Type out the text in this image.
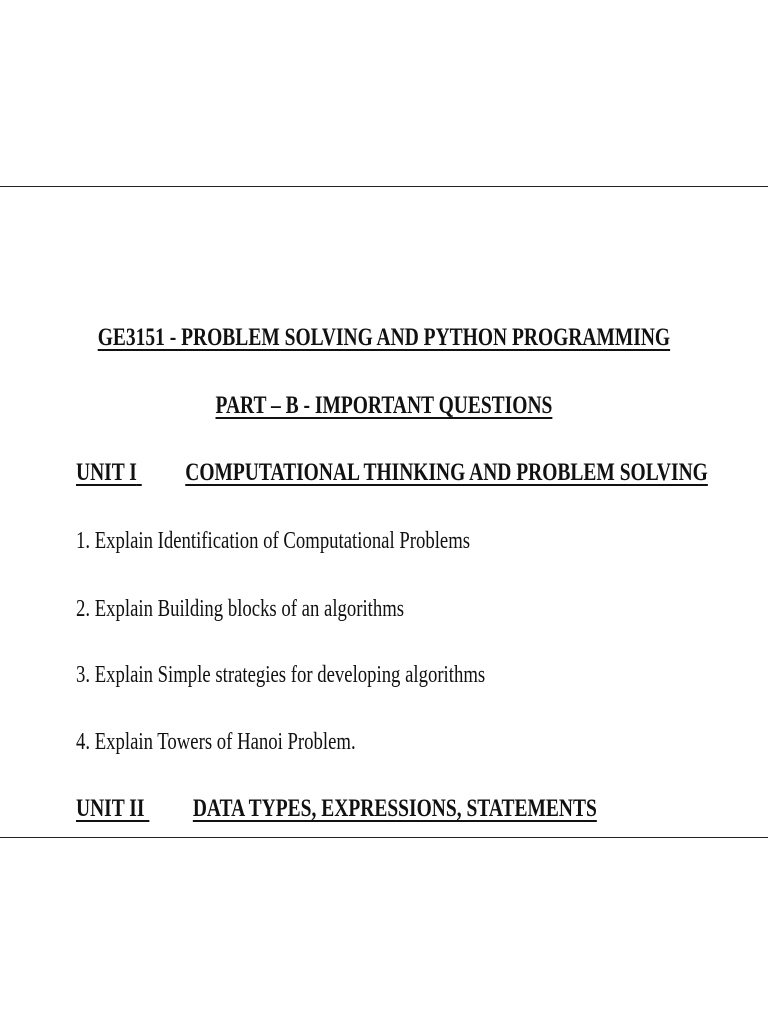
GE3151 - PROBLEM SOLVING AND PYTHON PROGRAMMING
PART – B - IMPORTANT QUESTIONS
UNIT I COMPUTATIONAL THINKING AND PROBLEM SOLVING
1. Explain Identification of Computational Problems
2. Explain Building blocks of an algorithms
3. Explain Simple strategies for developing algorithms
4. Explain Towers of Hanoi Problem.
UNIT II DATA TYPES, EXPRESSIONS, STATEMENTS
